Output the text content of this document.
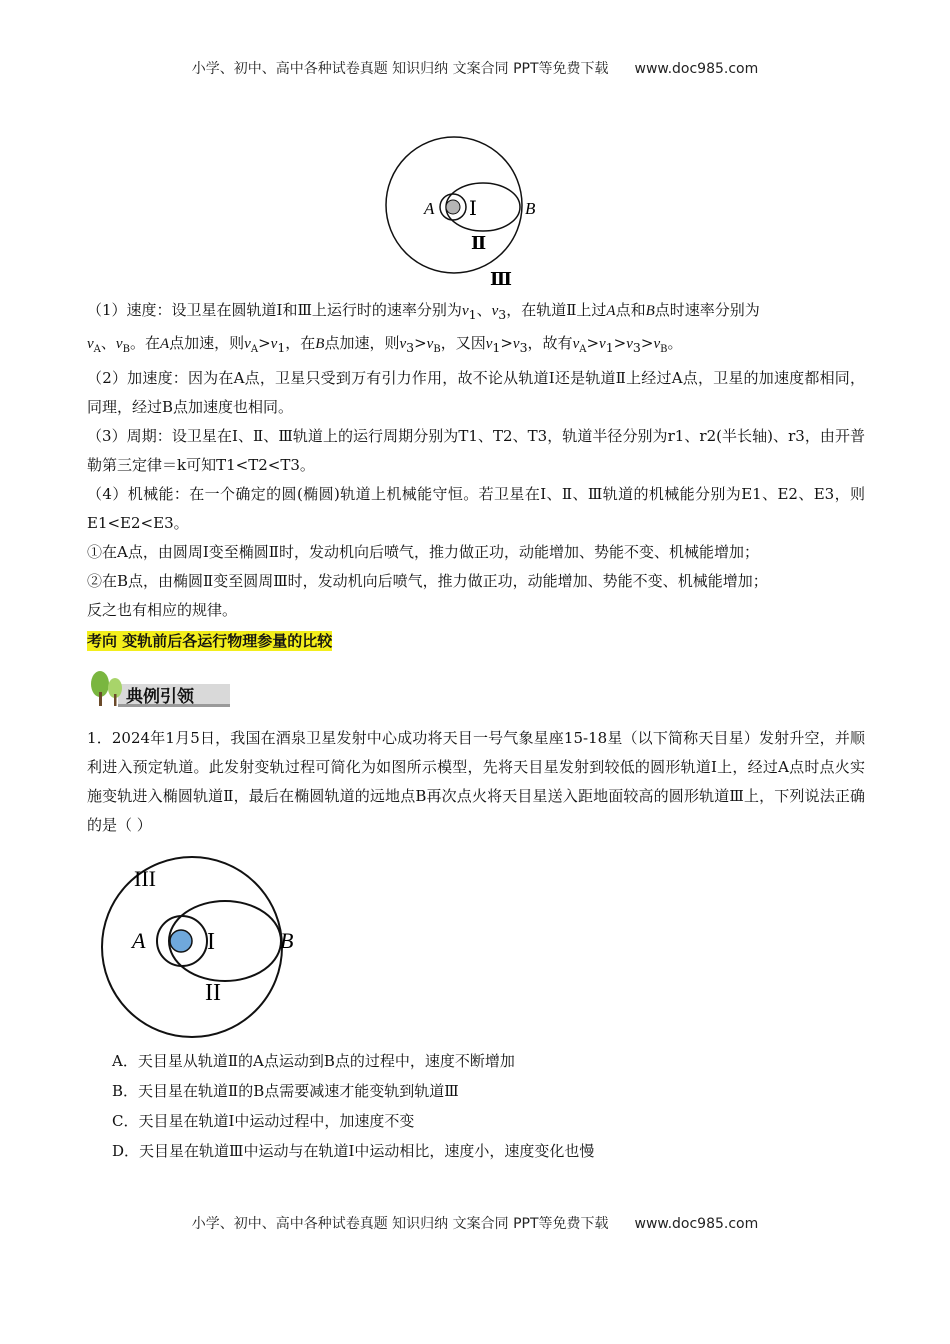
小学、初中、高中各种试卷真题 知识归纳 文案合同 PPT等免费下载 www.doc985.com
A Ⅰ	B
Ⅱ
Ⅲ

（1）速度：设卫星在圆轨道Ⅰ和Ⅲ上运行时的速率分别为$v_1$、$v_3$，在轨道Ⅱ上过A点和B点时速率分别为
$v_A$、$v_B$。在A点加速，则$v_A>v_1$，在B点加速，则$v_3>v_B$，又因$v_1>v_3$，故有$v_A>v_1>v_3>v_B$。

（2）加速度：因为在A点，卫星只受到万有引力作用，故不论从轨道Ⅰ还是轨道Ⅱ上经过A点，卫星的加速度都相同，同理，经过B点加速度也相同。

（3）周期：设卫星在Ⅰ、Ⅱ、Ⅲ轨道上的运行周期分别为T1、T2、T3，轨道半径分别为r1、r2(半长轴)、r3，由开普勒第三定律＝k可知T1<T2<T3。

（4）机械能：在一个确定的圆(椭圆)轨道上机械能守恒。若卫星在Ⅰ、Ⅱ、Ⅲ轨道的机械能分别为E1、E2、E3，则E1<E2<E3。

①在A点，由圆周Ⅰ变至椭圆Ⅱ时，发动机向后喷气，推力做正功，动能增加、势能不变、机械能增加；

②在B点，由椭圆Ⅱ变至圆周Ⅲ时，发动机向后喷气，推力做正功，动能增加、势能不变、机械能增加；

反之也有相应的规律。

考向 变轨前后各运行物理参量的比较

典例引领

1．2024年1月5日，我国在酒泉卫星发射中心成功将天目一号气象星座15-18星（以下简称天目星）发射升空，并顺利进入预定轨道。此发射变轨过程可简化为如图所示模型，先将天目星发射到较低的圆形轨道Ⅰ上，经过A点时点火实施变轨进入椭圆轨道Ⅱ，最后在椭圆轨道的远地点B再次点火将天目星送入距地面较高的圆形轨道Ⅲ上，下列说法正确的是（ ）

III
A	I	B
II
A．天目星从轨道Ⅱ的A点运动到B点的过程中，速度不断增加
B．天目星在轨道Ⅱ的B点需要减速才能变轨到轨道Ⅲ
C．天目星在轨道Ⅰ中运动过程中，加速度不变
D．天目星在轨道Ⅲ中运动与在轨道Ⅰ中运动相比，速度小，速度变化也慢
小学、初中、高中各种试卷真题 知识归纳 文案合同 PPT等免费下载 www.doc985.com
